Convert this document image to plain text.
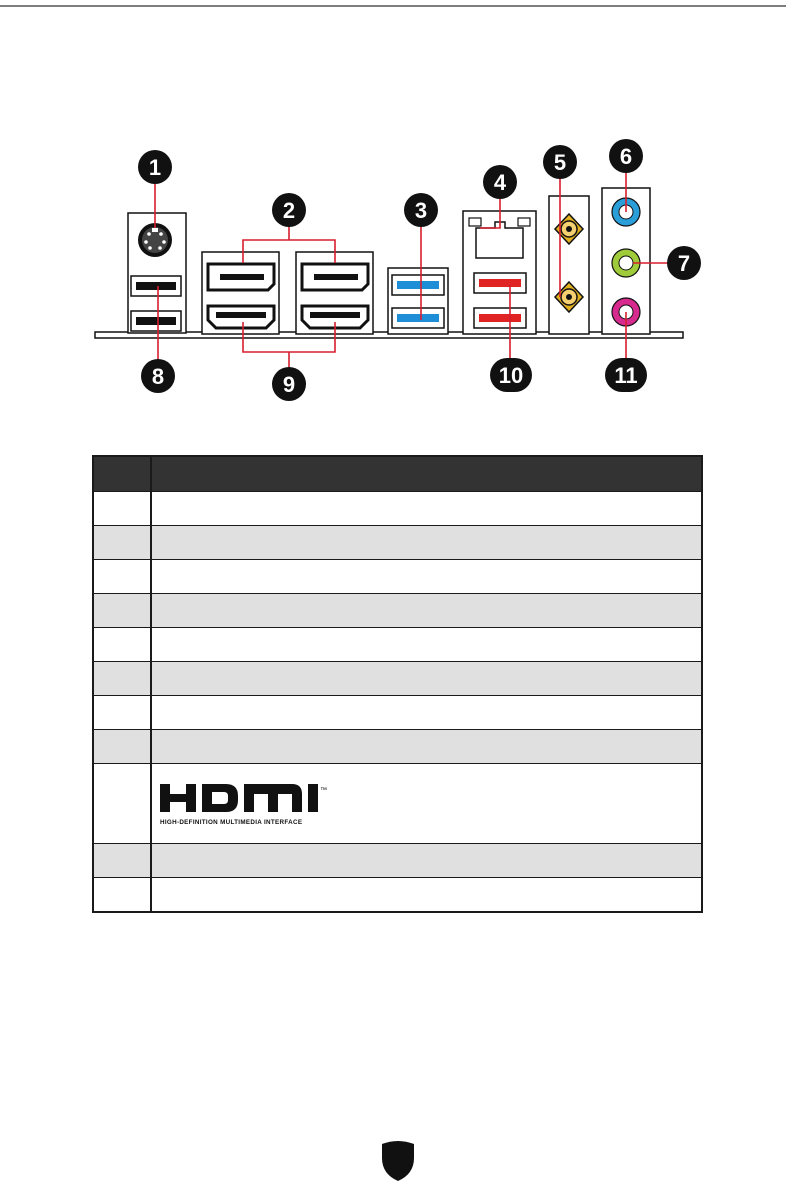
1
2	3
4
5 6
7
8	9	10	11
™
HIGH-DEFINITION MULTIMEDIA INTERFACE
